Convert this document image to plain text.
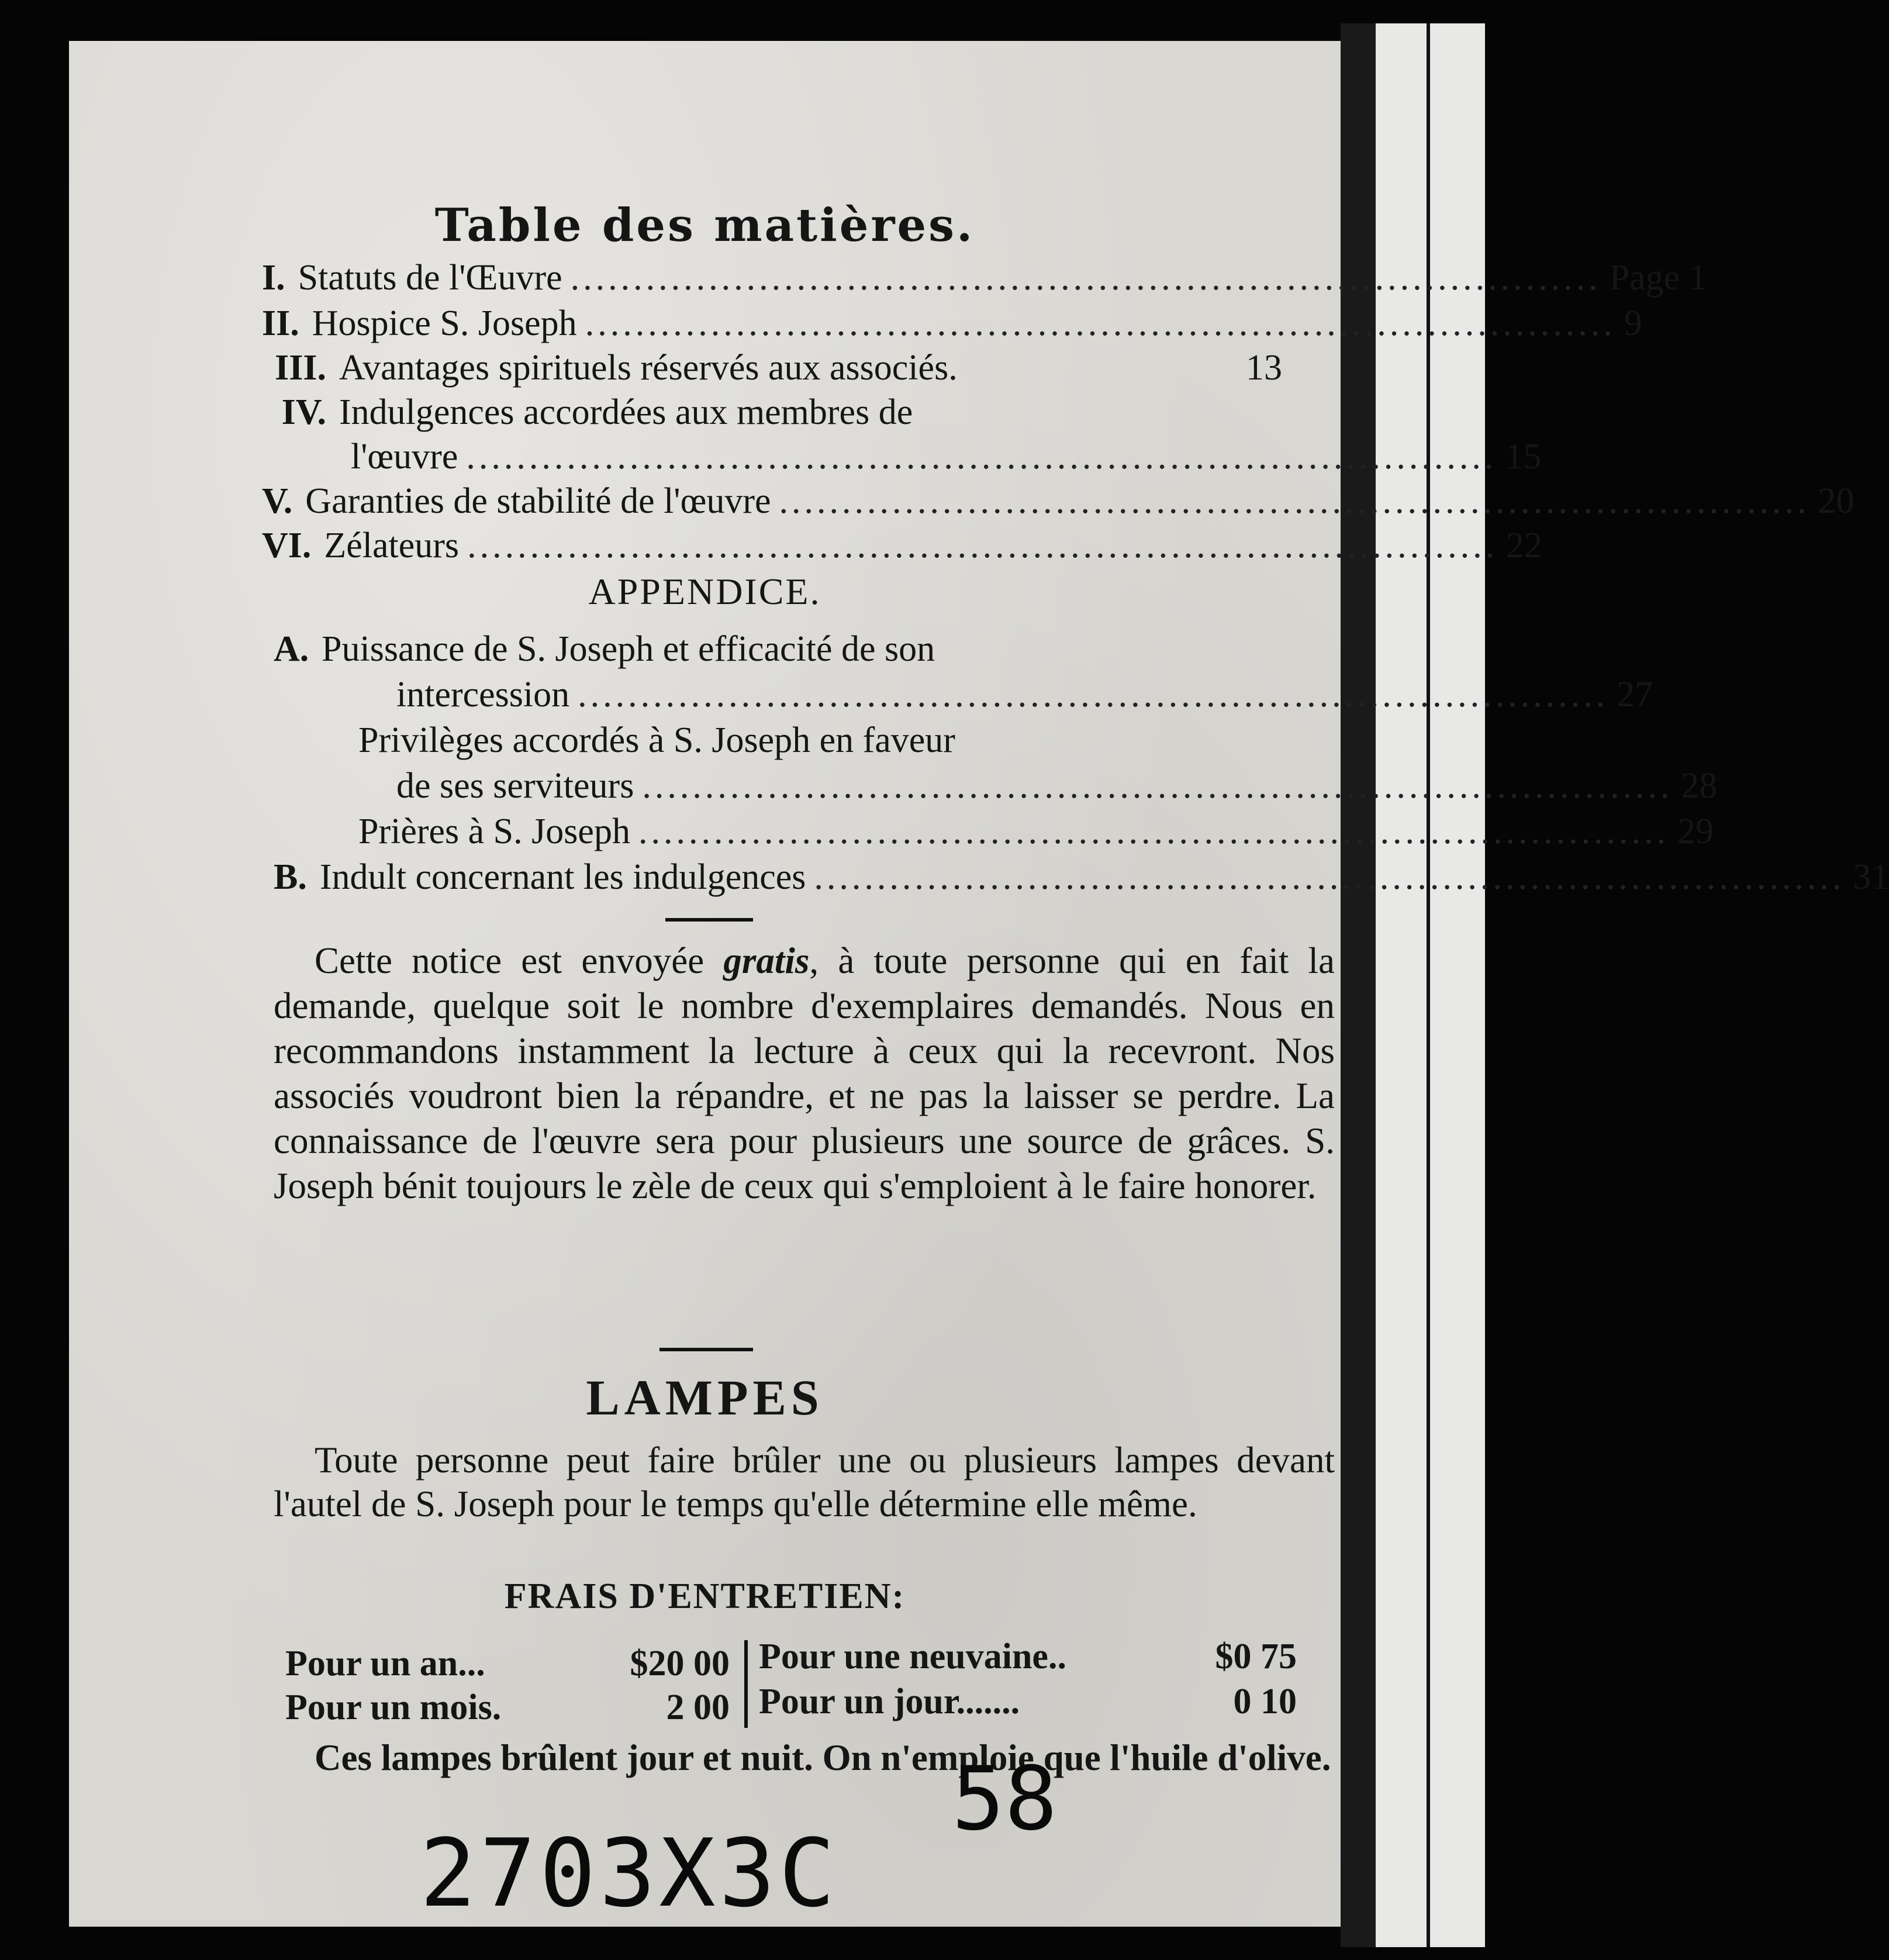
Table des matières.
I. Statuts de l'Œuvre .................................................................................. Page 1
II. Hospice S. Joseph .................................................................................. 9
III. Avantages spirituels réservés aux associés.	13
IV. Indulgences accordées aux membres de
l'œuvre .................................................................................. 15
V. Garanties de stabilité de l'œuvre .................................................................................. 20
VI. Zélateurs .................................................................................. 22
APPENDICE.
A. Puissance de S. Joseph et efficacité de son
intercession .................................................................................. 27
Privilèges accordés à S. Joseph en faveur
de ses serviteurs .................................................................................. 28
Prières à S. Joseph .................................................................................. 29
B. Indult concernant les indulgences .................................................................................. 31
Cette notice est envoyée gratis, à toute personne qui en fait la demande, quelque soit le nombre d'exemplaires demandés. Nous en recommandons instamment la lecture à ceux qui la recevront. Nos associés voudront bien la répandre, et ne pas la laisser se perdre. La connaissance de l'œuvre sera pour plusieurs une source de grâces. S. Joseph bénit toujours le zèle de ceux qui s'emploient à le faire honorer.
LAMPES
Toute personne peut faire brûler une ou plusieurs lampes devant l'autel de S. Joseph pour le temps qu'elle détermine elle même.
FRAIS D'ENTRETIEN:
Pour un an...	$20 00
Pour un mois.	2 00
Pour une neuvaine..	$0 75
Pour un jour.......	0 10
Ces lampes brûlent jour et nuit. On n'emploie que l'huile d'olive.
58
2703X3C
